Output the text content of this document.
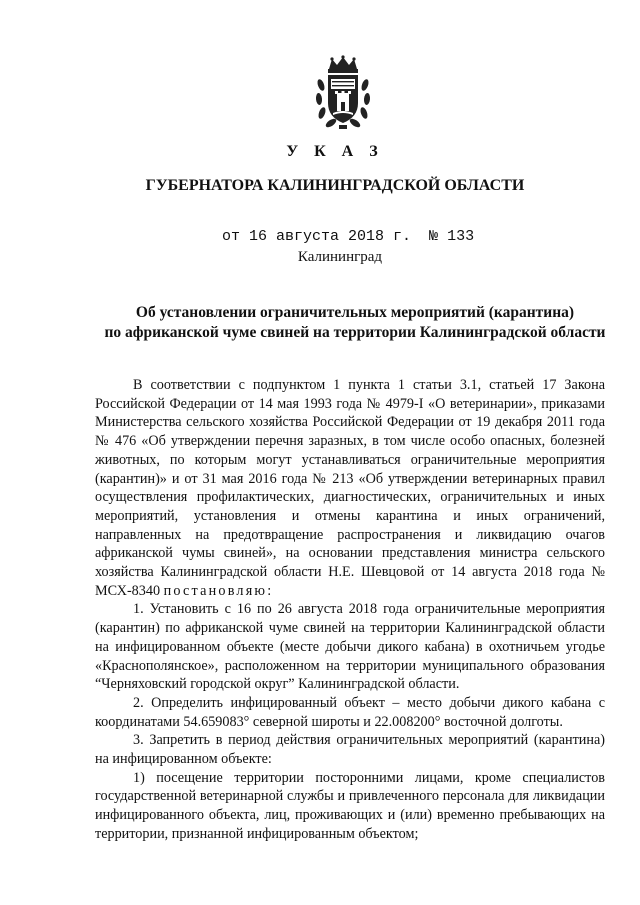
У К А З
ГУБЕРНАТОРА КАЛИНИНГРАДСКОЙ ОБЛАСТИ
от 16 августа 2018 г. № 133
Калининград
Об установлении ограничительных мероприятий (карантина)
по африканской чуме свиней на территории Калининградской области

В соответствии с подпунктом 1 пункта 1 статьи 3.1, статьей 17 Закона Российской Федерации от 14 мая 1993 года № 4979-I «О ветеринарии», приказами Министерства сельского хозяйства Российской Федерации от 19 декабря 2011 года № 476 «Об утверждении перечня заразных, в том числе особо опасных, болезней животных, по которым могут устанавливаться ограничительные мероприятия (карантин)» и от 31 мая 2016 года № 213 «Об утверждении ветеринарных правил осуществления профилактических, диагностических, ограничительных и иных мероприятий, установления и отмены карантина и иных ограничений, направленных на предотвращение распространения и ликвидацию очагов африканской чумы свиней», на основании представления министра сельского хозяйства Калининградской области Н.Е. Шевцовой от 14 августа 2018 года № МСХ-8340 постановляю:

1. Установить с 16 по 26 августа 2018 года ограничительные мероприятия (карантин) по африканской чуме свиней на территории Калининградской области на инфицированном объекте (месте добычи дикого кабана) в охотничьем угодье «Краснополянское», расположенном на территории муниципального образования “Черняховский городской округ” Калининградской области.

2. Определить инфицированный объект – место добычи дикого кабана с координатами 54.659083° северной широты и 22.008200° восточной долготы.

3. Запретить в период действия ограничительных мероприятий (карантина) на инфицированном объекте:

1) посещение территории посторонними лицами, кроме специалистов государственной ветеринарной службы и привлеченного персонала для ликвидации инфицированного объекта, лиц, проживающих и (или) временно пребывающих на территории, признанной инфицированным объектом;
